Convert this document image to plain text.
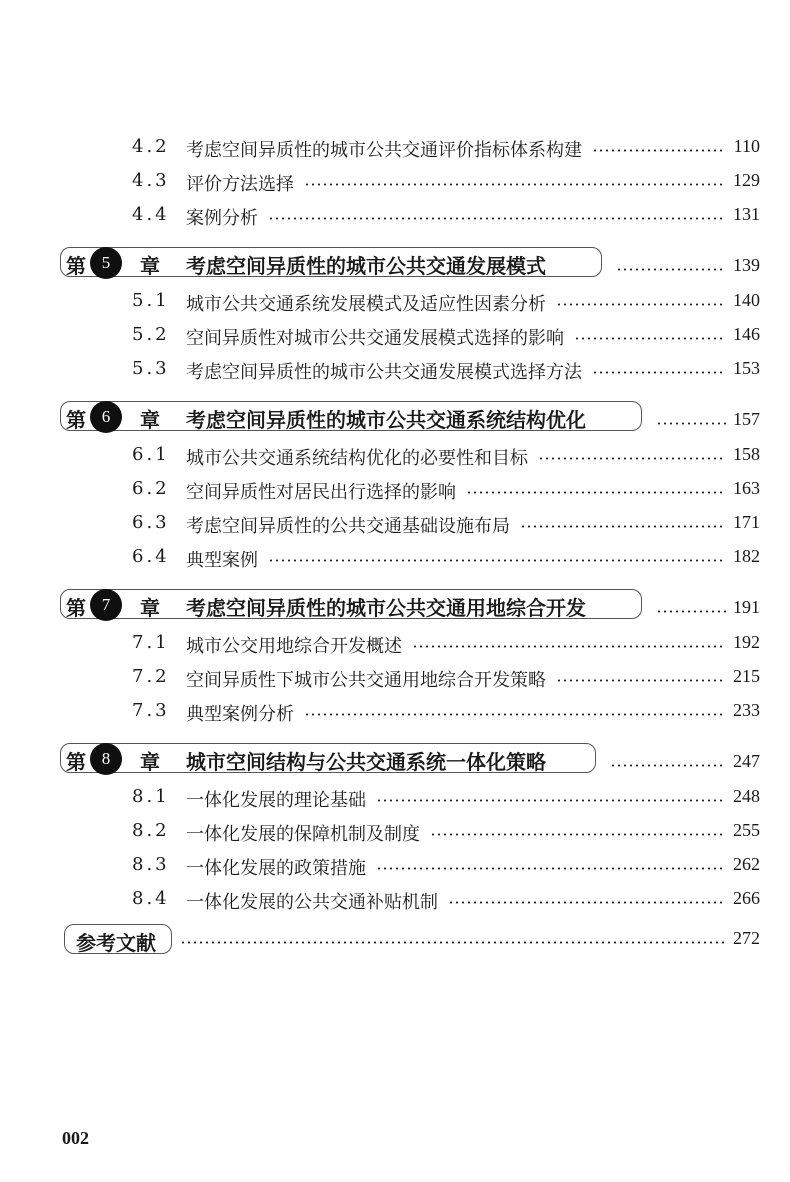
4.2 考虑空间异质性的城市公共交通评价指标体系构建	110
4.3 评价方法选择	129
4.4 案例分析	131
第 5	章 考虑空间异质性的城市公共交通发展模式	139
5.1 城市公共交通系统发展模式及适应性因素分析	140
5.2 空间异质性对城市公共交通发展模式选择的影响	146
5.3 考虑空间异质性的城市公共交通发展模式选择方法	153
第 6	章 考虑空间异质性的城市公共交通系统结构优化	157
6.1 城市公共交通系统结构优化的必要性和目标	158
6.2 空间异质性对居民出行选择的影响	163
6.3 考虑空间异质性的公共交通基础设施布局	171
6.4 典型案例	182
第 7	章 考虑空间异质性的城市公共交通用地综合开发	191
7.1 城市公交用地综合开发概述	192
7.2 空间异质性下城市公共交通用地综合开发策略	215
7.3 典型案例分析	233
第 8	章 城市空间结构与公共交通系统一体化策略	247
8.1 一体化发展的理论基础	248
8.2 一体化发展的保障机制及制度	255
8.3 一体化发展的政策措施	262
8.4 一体化发展的公共交通补贴机制	266
参考文献	272
002
